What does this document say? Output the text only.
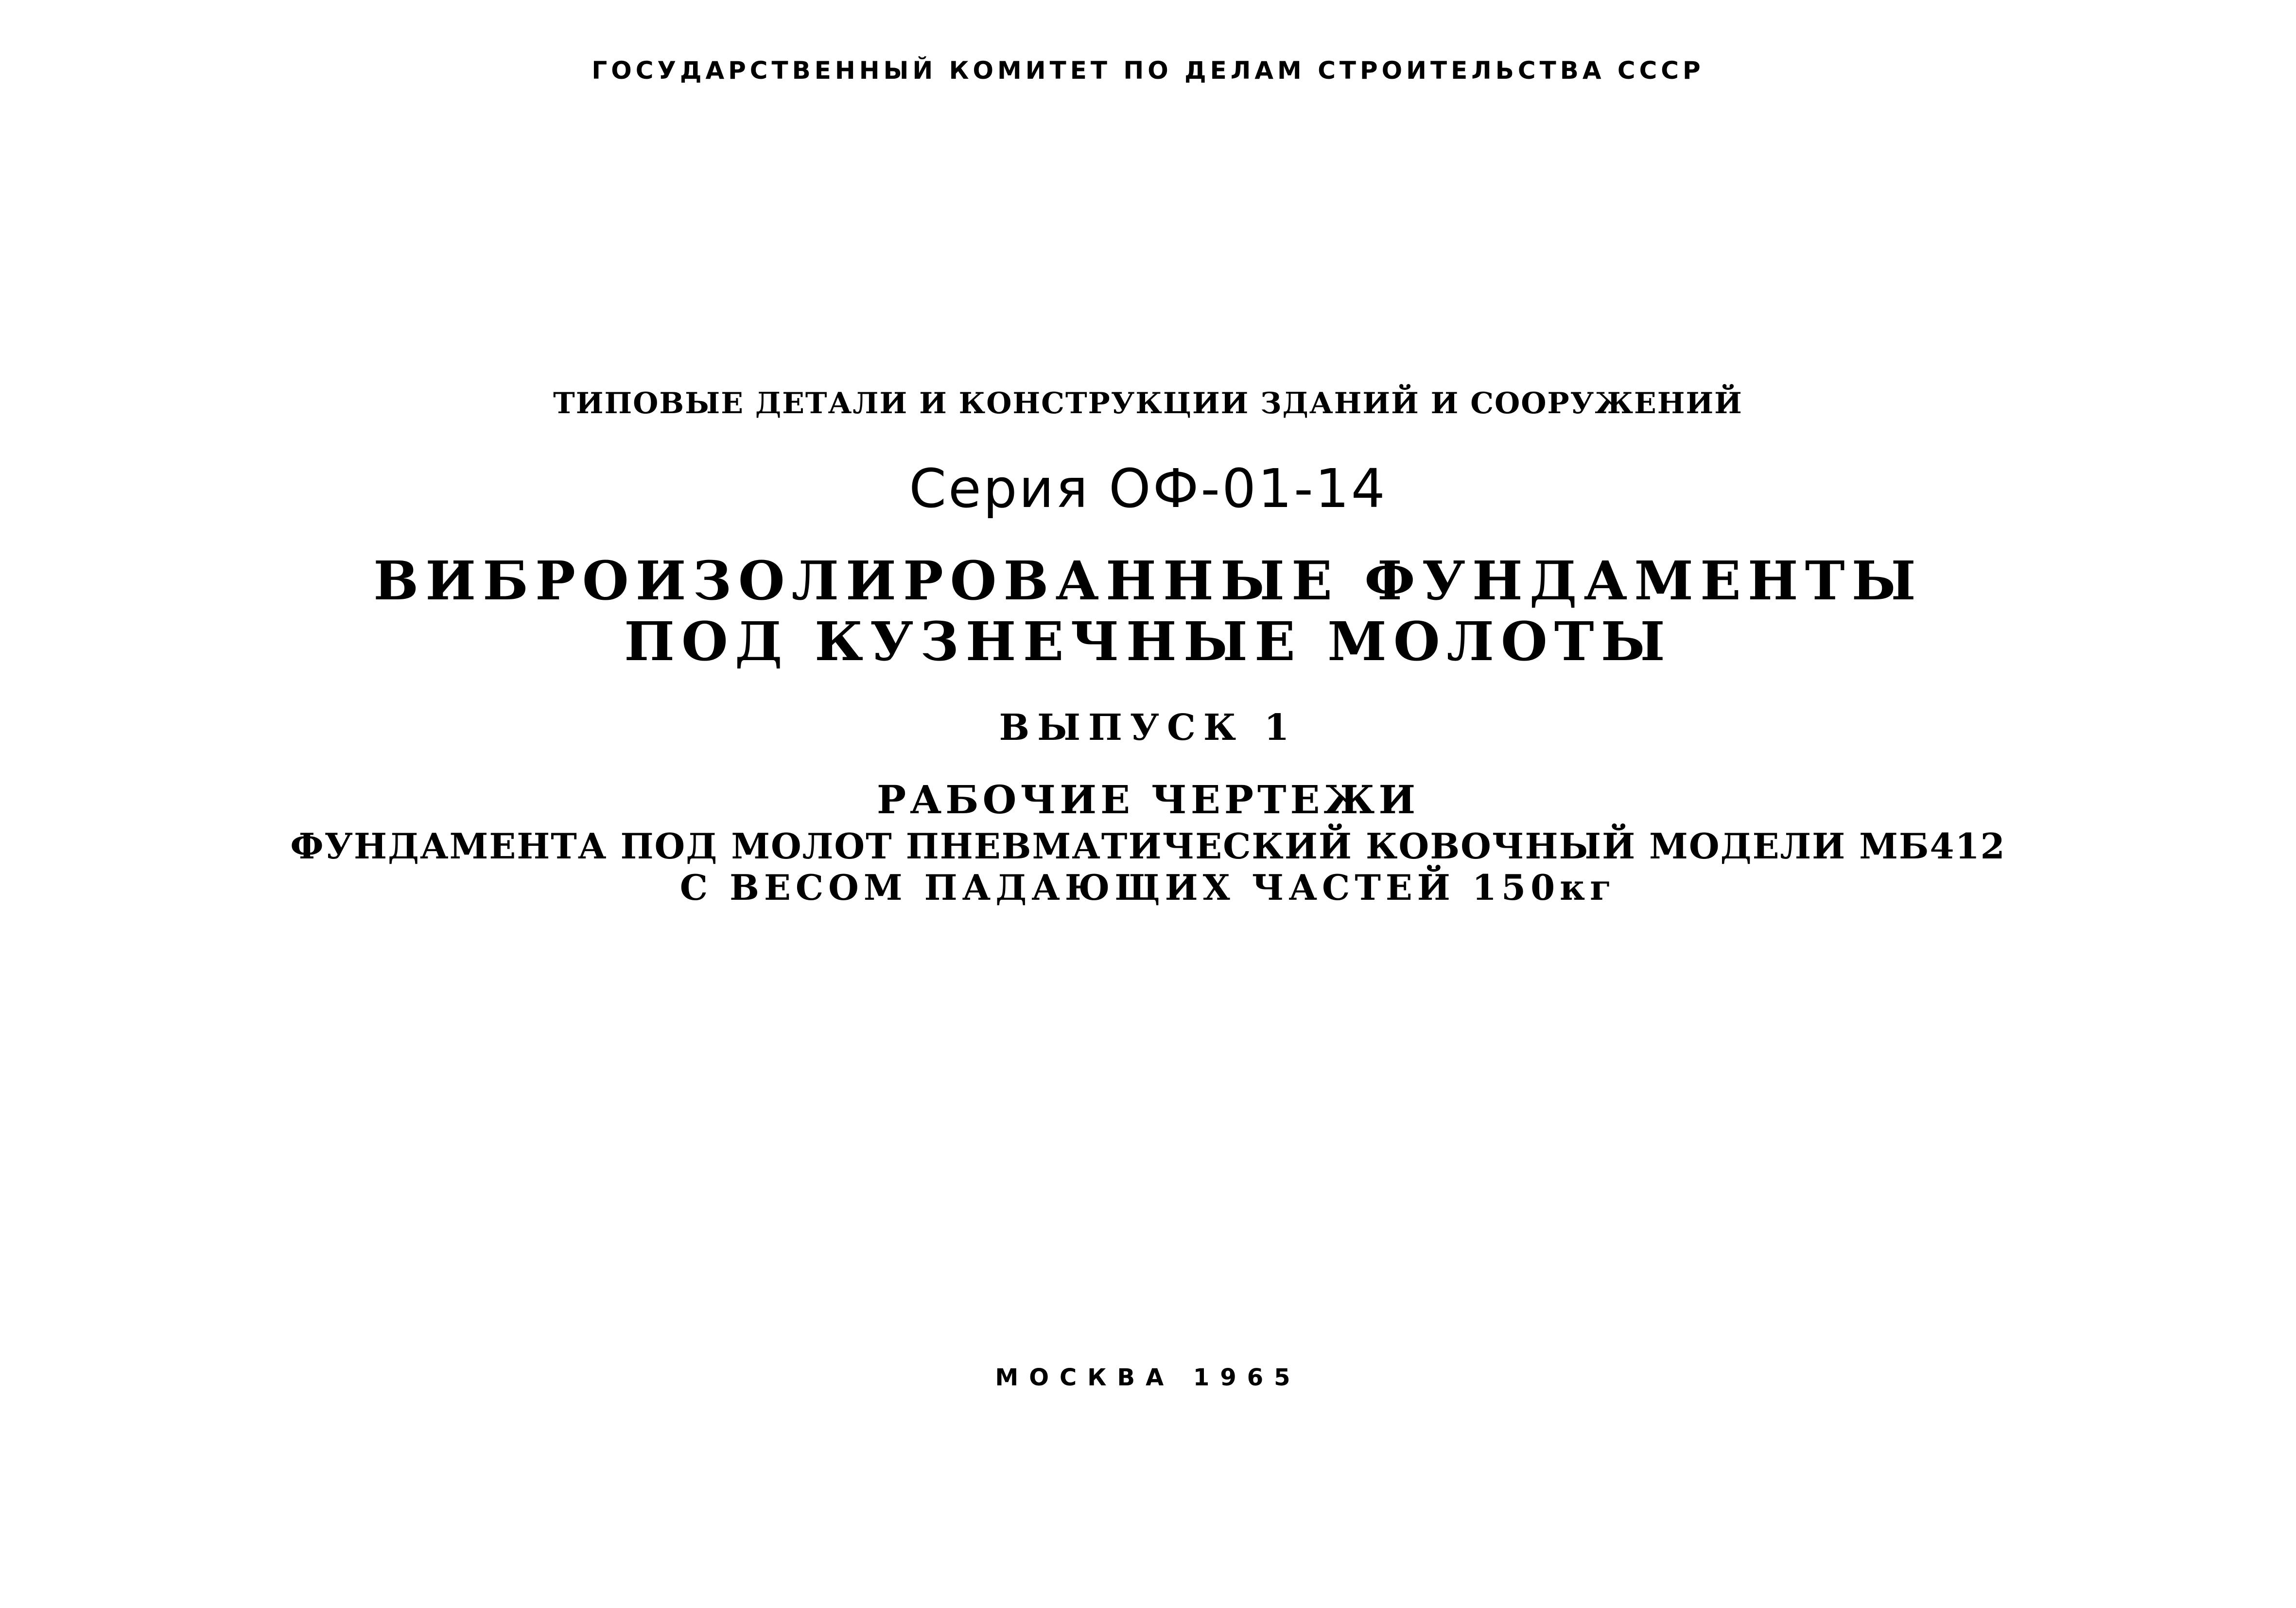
ГОСУДАРСТВЕННЫЙ КОМИТЕТ ПО ДЕЛАМ СТРОИТЕЛЬСТВА СССР
ТИПОВЫЕ ДЕТАЛИ И КОНСТРУКЦИИ ЗДАНИЙ И СООРУЖЕНИЙ
Серия ОФ-01-14
ВИБРОИЗОЛИРОВАННЫЕ ФУНДАМЕНТЫ
ПОД КУЗНЕЧНЫЕ МОЛОТЫ
ВЫПУСК 1
РАБОЧИЕ ЧЕРТЕЖИ
ФУНДАМЕНТА ПОД МОЛОТ ПНЕВМАТИЧЕСКИЙ КОВОЧНЫЙ МОДЕЛИ МБ412
С ВЕСОМ ПАДАЮЩИХ ЧАСТЕЙ 150кг
МОСКВА 1965
